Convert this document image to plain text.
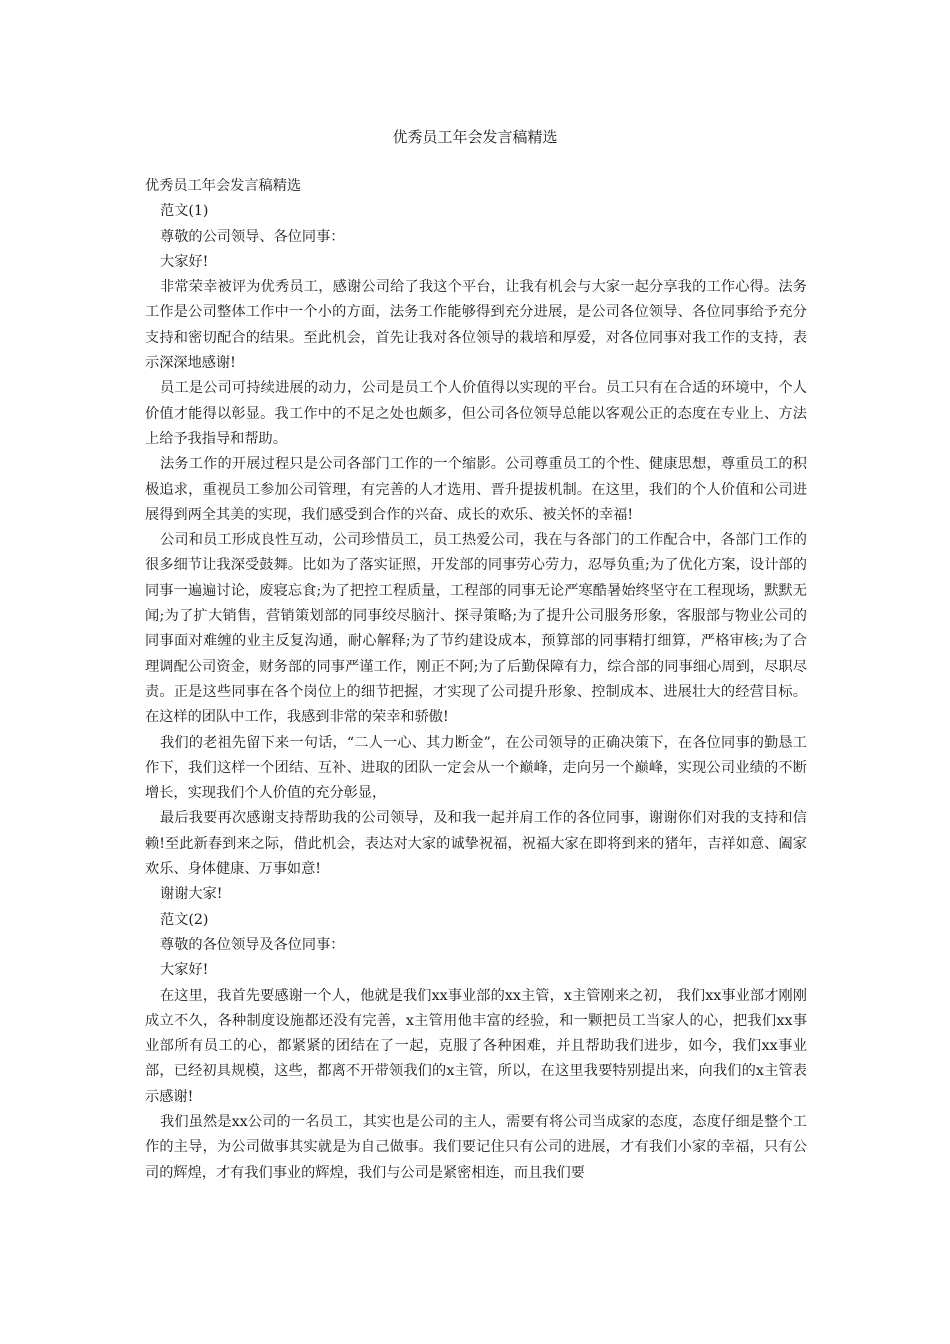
优秀员工年会发言稿精选

优秀员工年会发言稿精选

范文(1)

尊敬的公司领导、各位同事：

大家好!

非常荣幸被评为优秀员工，感谢公司给了我这个平台，让我有机会与大家一起分享我的工作心得。法务工作是公司整体工作中一个小的方面，法务工作能够得到充分进展，是公司各位领导、各位同事给予充分支持和密切配合的结果。至此机会，首先让我对各位领导的栽培和厚爱，对各位同事对我工作的支持，表示深深地感谢!

员工是公司可持续进展的动力，公司是员工个人价值得以实现的平台。员工只有在合适的环境中，个人价值才能得以彰显。我工作中的不足之处也颇多，但公司各位领导总能以客观公正的态度在专业上、方法上给予我指导和帮助。

法务工作的开展过程只是公司各部门工作的一个缩影。公司尊重员工的个性、健康思想，尊重员工的积极追求，重视员工参加公司管理，有完善的人才选用、晋升提拔机制。在这里，我们的个人价值和公司进展得到两全其美的实现，我们感受到合作的兴奋、成长的欢乐、被关怀的幸福!

公司和员工形成良性互动，公司珍惜员工，员工热爱公司，我在与各部门的工作配合中，各部门工作的很多细节让我深受鼓舞。比如为了落实证照，开发部的同事劳心劳力，忍辱负重;为了优化方案，设计部的同事一遍遍讨论，废寝忘食;为了把控工程质量，工程部的同事无论严寒酷暑始终坚守在工程现场，默默无闻;为了扩大销售，营销策划部的同事绞尽脑汁、探寻策略;为了提升公司服务形象，客服部与物业公司的同事面对难缠的业主反复沟通，耐心解释;为了节约建设成本，预算部的同事精打细算，严格审核;为了合理调配公司资金，财务部的同事严谨工作，刚正不阿;为了后勤保障有力，综合部的同事细心周到，尽职尽责。正是这些同事在各个岗位上的细节把握，才实现了公司提升形象、控制成本、进展壮大的经营目标。在这样的团队中工作，我感到非常的荣幸和骄傲!

我们的老祖先留下来一句话，“二人一心、其力断金”，在公司领导的正确决策下，在各位同事的勤恳工作下，我们这样一个团结、互补、进取的团队一定会从一个巅峰，走向另一个巅峰，实现公司业绩的不断增长，实现我们个人价值的充分彰显，

最后我要再次感谢支持帮助我的公司领导，及和我一起并肩工作的各位同事，谢谢你们对我的支持和信赖!至此新春到来之际，借此机会，表达对大家的诚挚祝福，祝福大家在即将到来的猪年，吉祥如意、阖家欢乐、身体健康、万事如意!

谢谢大家!

范文(2)

尊敬的各位领导及各位同事：

大家好!

在这里，我首先要感谢一个人，他就是我们xx事业部的xx主管，x主管刚来之初， 我们xx事业部才刚刚成立不久，各种制度设施都还没有完善，x主管用他丰富的经验，和一颗把员工当家人的心，把我们xx事业部所有员工的心，都紧紧的团结在了一起，克服了各种困难，并且帮助我们进步，如今，我们xx事业部，已经初具规模，这些，都离不开带领我们的x主管，所以，在这里我要特别提出来，向我们的x主管表示感谢!

我们虽然是xx公司的一名员工，其实也是公司的主人，需要有将公司当成家的态度，态度仔细是整个工作的主导，为公司做事其实就是为自己做事。我们要记住只有公司的进展，才有我们小家的幸福，只有公司的辉煌，才有我们事业的辉煌，我们与公司是紧密相连，而且我们要
